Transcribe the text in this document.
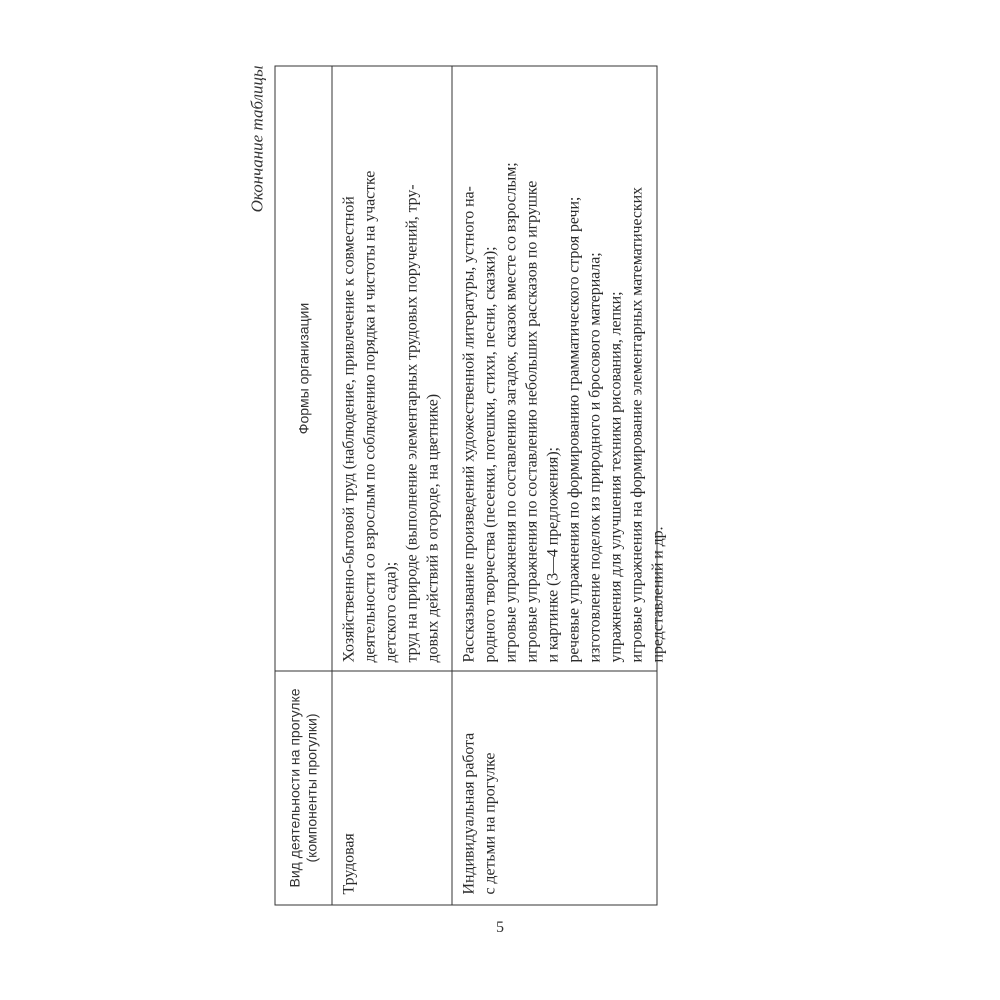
Окончание таблицы
Вид деятельности на прогулке (компоненты прогулки)
Формы организации
Трудовая
Хозяйственно-бытовой труд (наблюдение, привлечение к совместной деятельности со взрослым по соблюдению порядка и чистоты на участке детского сада); труд на природе (выполнение элементарных трудовых поручений, тру- довых действий в огороде, на цветнике)
Индивидуальная работа с детьми на прогулке
Рассказывание произведений художественной литературы, устного на- родного творчества (песенки, потешки, стихи, песни, сказки); игровые упражнения по составлению загадок, сказок вместе со взрослым; игровые упражнения по составлению небольших рассказов по игрушке и картинке (3—4 предложения); речевые упражнения по формированию грамматического строя речи; изготовление поделок из природного и бросового материала; упражнения для улучшения техники рисования, лепки; игровые упражнения на формирование элементарных математических представлений и др.
5
